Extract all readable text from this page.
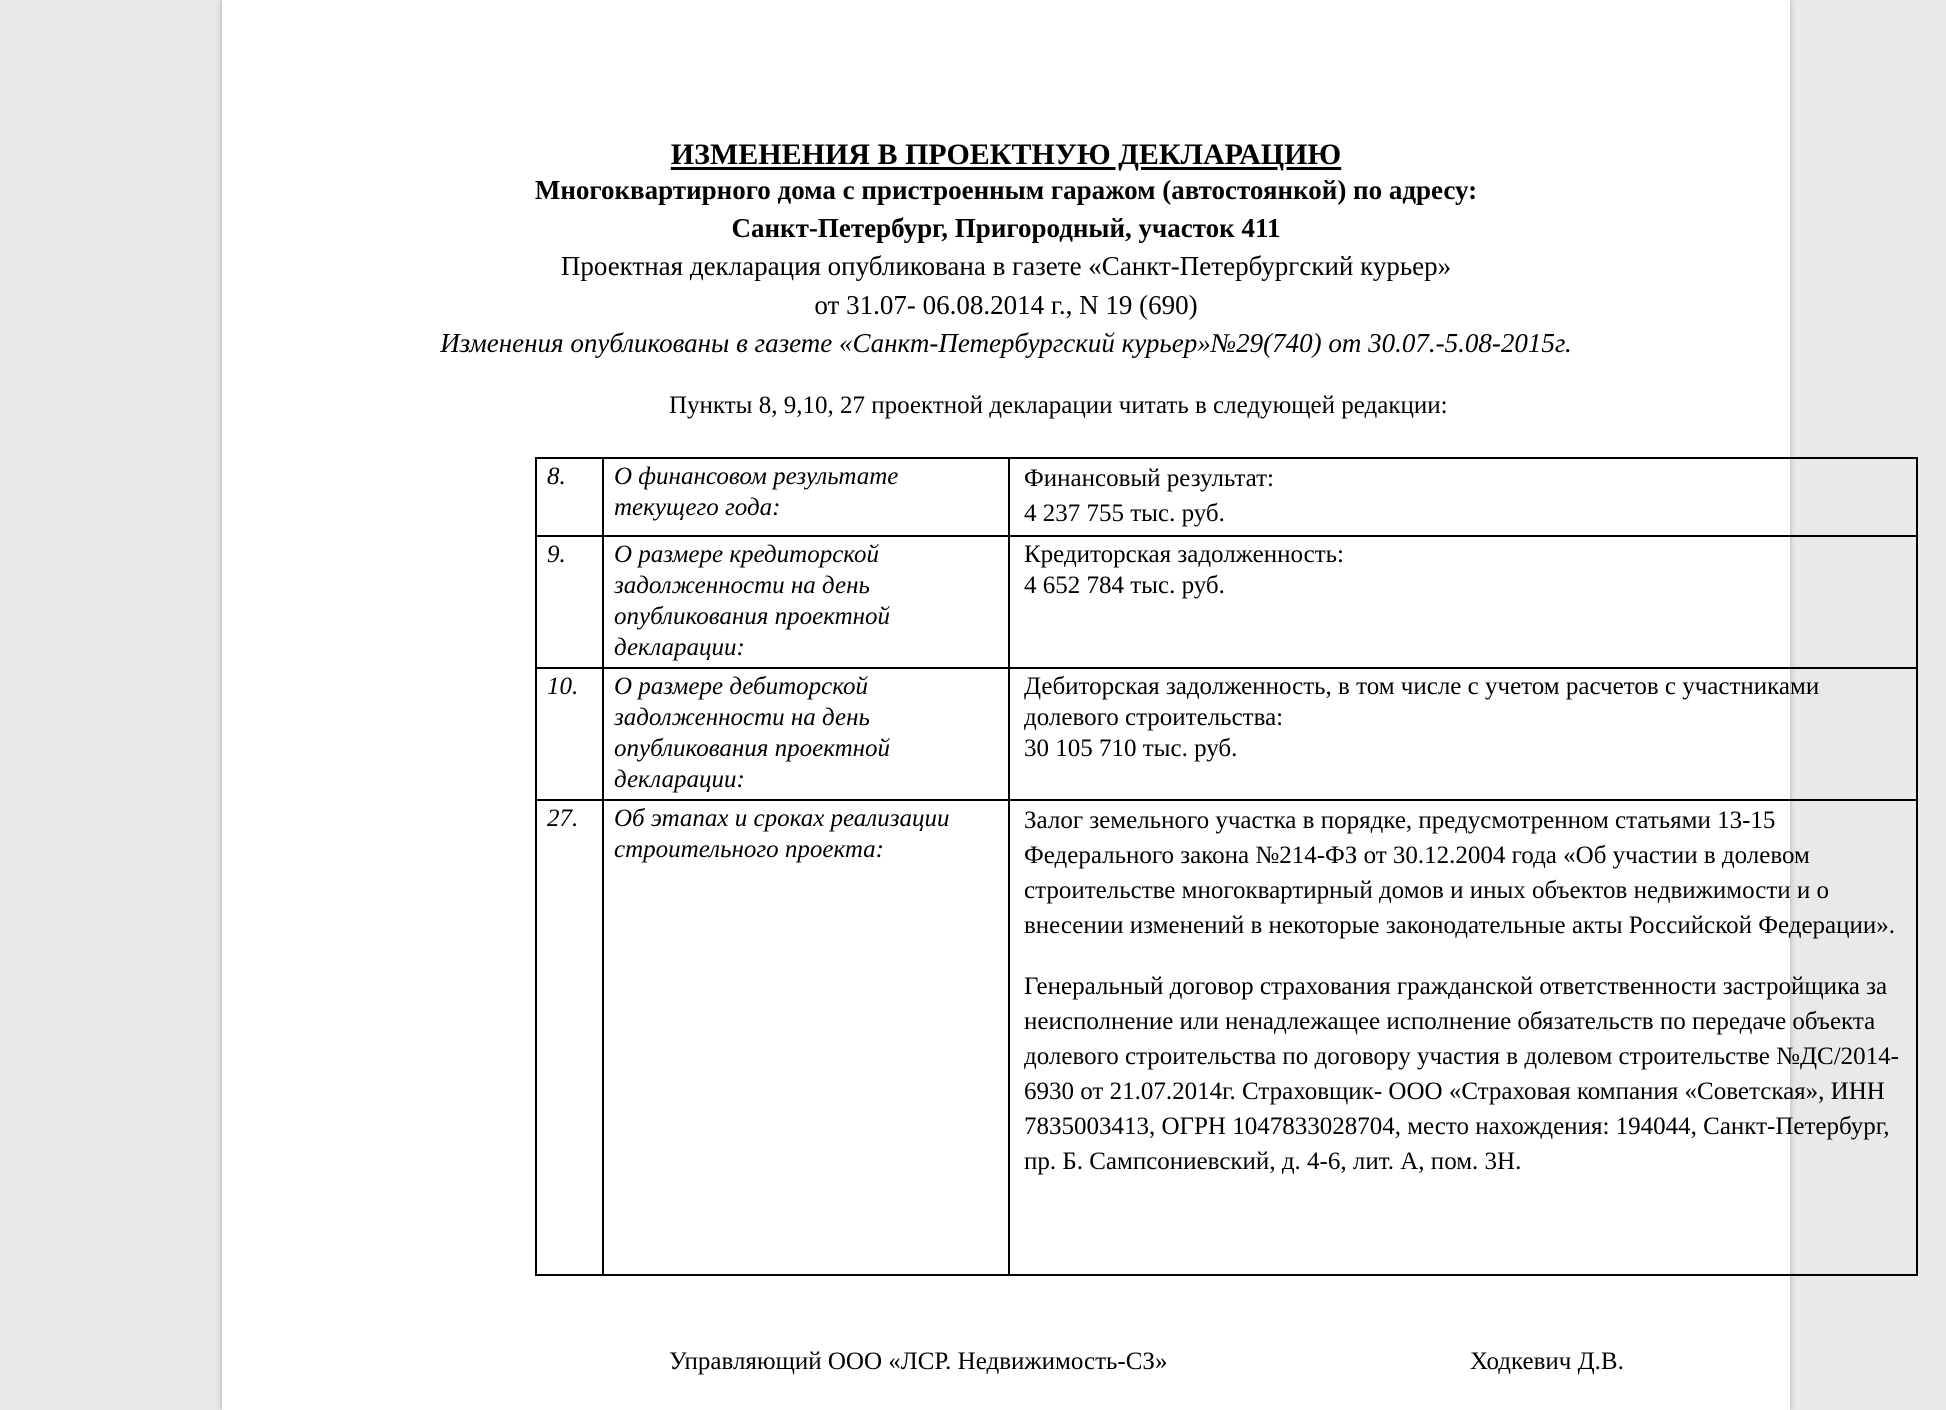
ИЗМЕНЕНИЯ В ПРОЕКТНУЮ ДЕКЛАРАЦИЮ
Многоквартирного дома с пристроенным гаражом (автостоянкой) по адресу:
Санкт-Петербург, Пригородный, участок 411
Проектная декларация опубликована в газете «Санкт-Петербургский курьер»
от 31.07- 06.08.2014 г., N 19 (690)
Изменения опубликованы в газете «Санкт-Петербургский курьер»№29(740) от 30.07.-5.08-2015г.
Пункты 8, 9,10, 27 проектной декларации читать в следующей редакции:
8.	О финансовом результате текущего года:	Финансовый результат:
4 237 755 тыс. руб.

9.	О размере кредиторской задолженности на день опубликования проектной декларации:	Кредиторская задолженность:
4 652 784 тыс. руб.

10.	О размере дебиторской задолженности на день опубликования проектной декларации:	Дебиторская задолженность, в том числе с учетом расчетов с участниками долевого строительства:
30 105 710 тыс. руб.

27.	Об этапах и сроках реализации строительного проекта:	Залог земельного участка в порядке, предусмотренном статьями 13-15 Федерального закона №214-ФЗ от 30.12.2004 года «Об участии в долевом строительстве многоквартирный домов и иных объектов недвижимости и о внесении изменений в некоторые законодательные акты Российской Федерации».
Генеральный договор страхования гражданской ответственности застройщика за неисполнение или ненадлежащее исполнение обязательств по передаче объекта долевого строительства по договору участия в долевом строительстве №ДС/2014-6930 от 21.07.2014г. Страховщик- ООО «Страховая компания «Советская», ИНН 7835003413, ОГРН 1047833028704, место нахождения: 194044, Санкт-Петербург, пр. Б. Сампсониевский, д. 4-6, лит. А, пом. 3Н.
Управляющий ООО «ЛСР. Недвижимость-СЗ»	Ходкевич Д.В.
